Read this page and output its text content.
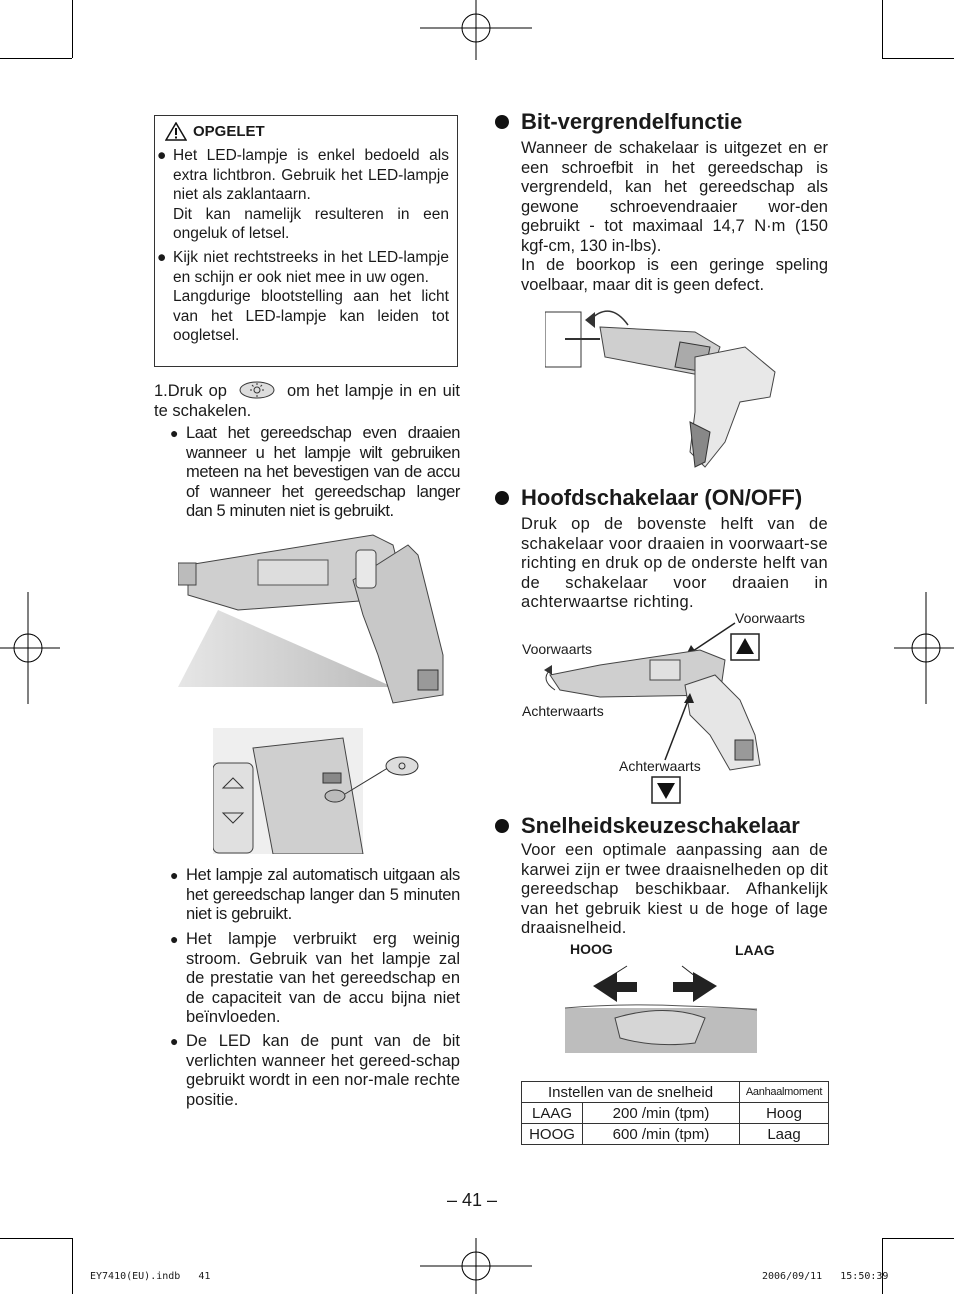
OPGELET
● Het LED-lampje is enkel bedoeld als extra lichtbron. Gebruik het LED-lampje niet als zaklantaarn.
Dit kan namelijk resulteren in een ongeluk of letsel.
● Kijk niet rechtstreeks in het LED-lampje en schijn er ook niet mee in uw ogen.
Langdurige blootstelling aan het licht van het LED-lampje kan leiden tot oogletsel.
1.Druk op	om het lampje in en uit te schakelen.
● Laat het gereedschap even draaien wanneer u het lampje wilt gebruiken meteen na het bevestigen van de accu of wanneer het gereedschap langer dan 5 minuten niet is gebruikt.
● Het lampje zal automatisch uitgaan als het gereedschap langer dan 5 minuten niet is gebruikt.
● Het lampje verbruikt erg weinig stroom. Gebruik van het lampje zal de prestatie van het gereedschap en de capaciteit van de accu bijna niet beïnvloeden.
● De LED kan de punt van de bit verlichten wanneer het gereed-schap gebruikt wordt in een nor-male rechte positie.
Bit-vergrendelfunctie
Wanneer de schakelaar is uitgezet en er een schroefbit in het gereedschap is vergrendeld, kan het gereedschap als gewone schroevendraaier wor-den gebruikt - tot maximaal 14,7 N·m (150 kgf-cm, 130 in-lbs).
In de boorkop is een geringe speling voelbaar, maar dit is geen defect.
Hoofdschakelaar (ON/OFF)
Druk op de bovenste helft van de schakelaar voor draaien in voorwaart-se richting en druk op de onderste helft van de schakelaar voor draaien in achterwaartse richting.
Voorwaarts
Voorwaarts
Achterwaarts
Achterwaarts
Snelheidskeuzeschakelaar
Voor een optimale aanpassing aan de karwei zijn er twee draaisnelheden op dit gereedschap beschikbaar. Afhankelijk van het gebruik kiest u de hoge of lage draaisnelheid.
HOOG	LAAG
Instellen van de snelheid		Aanhaalmoment
LAAG	200 /min (tpm)	Hoog
HOOG	600 /min (tpm)	Laag
– 41 –
EY7410(EU).indb   41	2006/09/11   15:50:39
